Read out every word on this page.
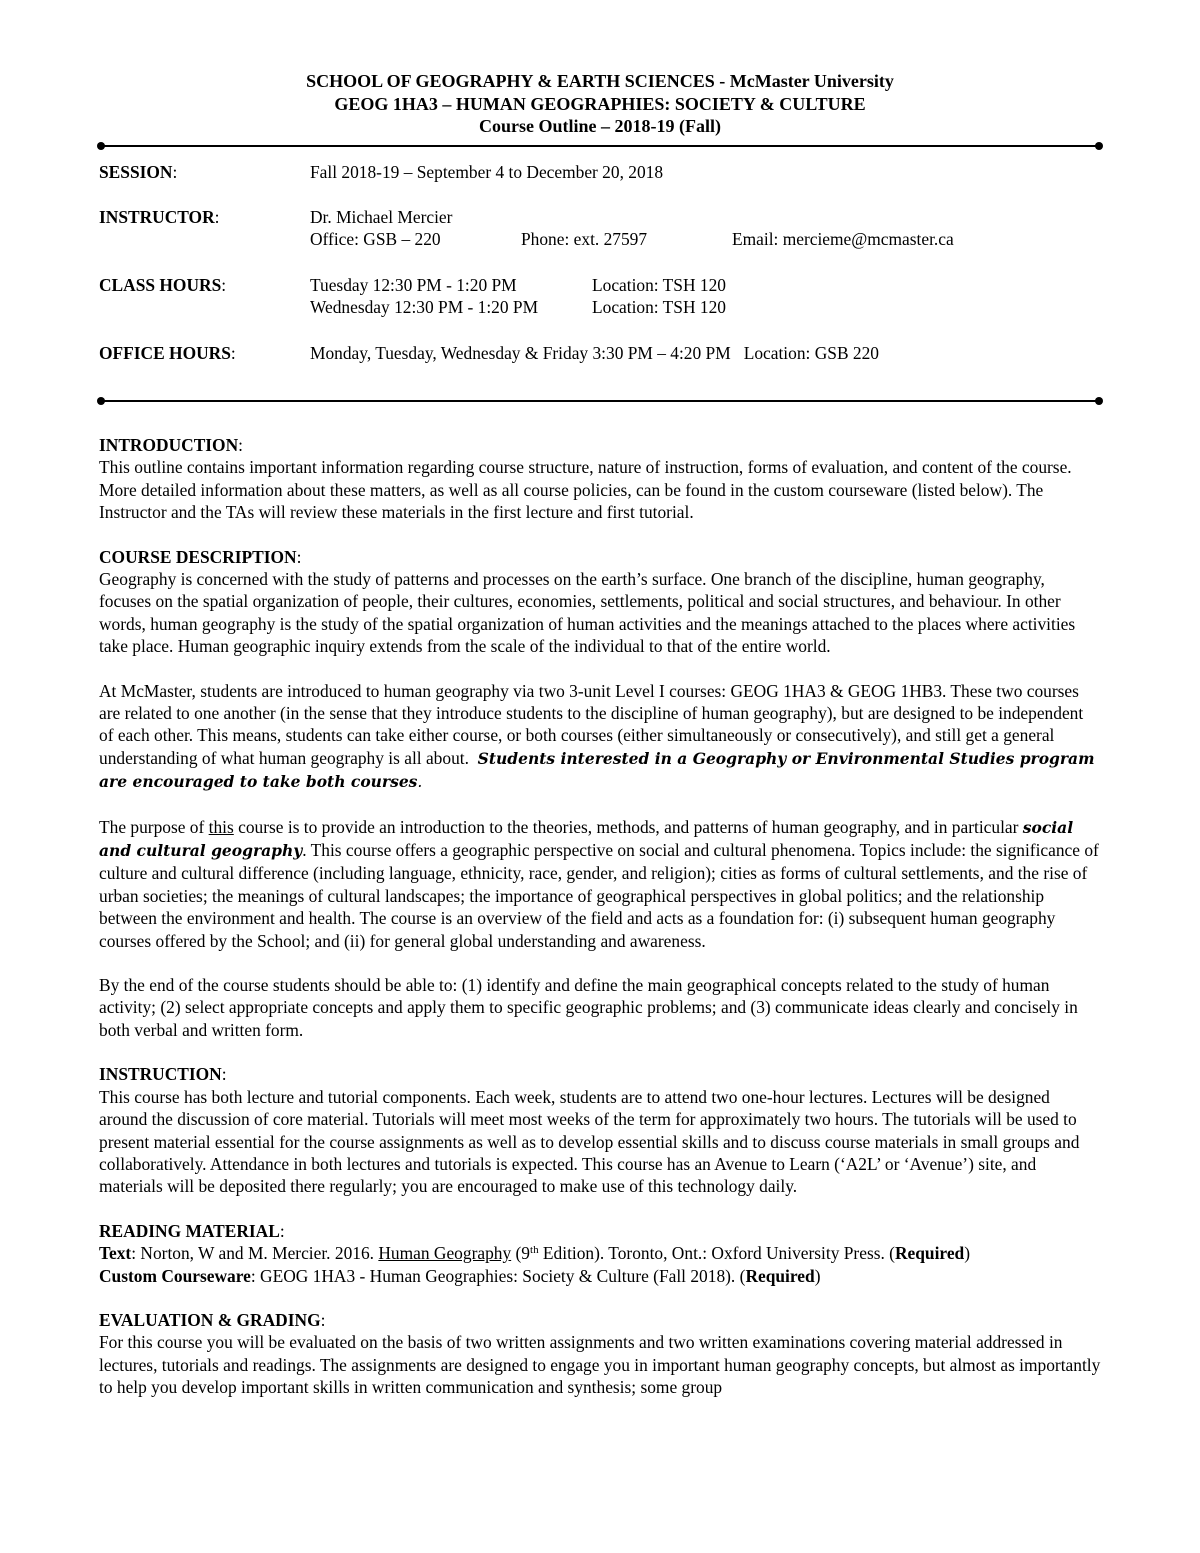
SCHOOL OF GEOGRAPHY & EARTH SCIENCES - McMaster University
GEOG 1HA3 – HUMAN GEOGRAPHIES: SOCIETY & CULTURE
Course Outline – 2018-19 (Fall)
SESSION:	Fall 2018-19 – September 4 to December 20, 2018
INSTRUCTOR:	Dr. Michael Mercier
Office: GSB – 220	Phone: ext. 27597	Email: mercieme@mcmaster.ca
CLASS HOURS:	Tuesday 12:30 PM - 1:20 PM	Location: TSH 120
Wednesday 12:30 PM - 1:20 PM	Location: TSH 120
OFFICE HOURS:	Monday, Tuesday, Wednesday & Friday 3:30 PM – 4:20 PM Location: GSB 220
INTRODUCTION:

This outline contains important information regarding course structure, nature of instruction, forms of evaluation, and content of the course. More detailed information about these matters, as well as all course policies, can be found in the custom courseware (listed below). The Instructor and the TAs will review these materials in the first lecture and first tutorial.

COURSE DESCRIPTION:

Geography is concerned with the study of patterns and processes on the earth’s surface. One branch of the discipline, human geography, focuses on the spatial organization of people, their cultures, economies, settlements, political and social structures, and behaviour. In other words, human geography is the study of the spatial organization of human activities and the meanings attached to the places where activities take place. Human geographic inquiry extends from the scale of the individual to that of the entire world.

At McMaster, students are introduced to human geography via two 3-unit Level I courses: GEOG 1HA3 & GEOG 1HB3. These two courses are related to one another (in the sense that they introduce students to the discipline of human geography), but are designed to be independent of each other. This means, students can take either course, or both courses (either simultaneously or consecutively), and still get a general understanding of what human geography is all about. Students interested in a Geography or Environmental Studies program are encouraged to take both courses.

The purpose of this course is to provide an introduction to the theories, methods, and patterns of human geography, and in particular social and cultural geography. This course offers a geographic perspective on social and cultural phenomena. Topics include: the significance of culture and cultural difference (including language, ethnicity, race, gender, and religion); cities as forms of cultural settlements, and the rise of urban societies; the meanings of cultural landscapes; the importance of geographical perspectives in global politics; and the relationship between the environment and health. The course is an overview of the field and acts as a foundation for: (i) subsequent human geography courses offered by the School; and (ii) for general global understanding and awareness.

By the end of the course students should be able to: (1) identify and define the main geographical concepts related to the study of human activity; (2) select appropriate concepts and apply them to specific geographic problems; and (3) communicate ideas clearly and concisely in both verbal and written form.

INSTRUCTION:

This course has both lecture and tutorial components. Each week, students are to attend two one-hour lectures. Lectures will be designed around the discussion of core material. Tutorials will meet most weeks of the term for approximately two hours. The tutorials will be used to present material essential for the course assignments as well as to develop essential skills and to discuss course materials in small groups and collaboratively. Attendance in both lectures and tutorials is expected. This course has an Avenue to Learn (‘A2L’ or ‘Avenue’) site, and materials will be deposited there regularly; you are encouraged to make use of this technology daily.

READING MATERIAL:

Text: Norton, W and M. Mercier. 2016. Human Geography (9th Edition). Toronto, Ont.: Oxford University Press. (Required)

Custom Courseware: GEOG 1HA3 - Human Geographies: Society & Culture (Fall 2018). (Required)

EVALUATION & GRADING:

For this course you will be evaluated on the basis of two written assignments and two written examinations covering material addressed in lectures, tutorials and readings. The assignments are designed to engage you in important human geography concepts, but almost as importantly to help you develop important skills in written communication and synthesis; some group
